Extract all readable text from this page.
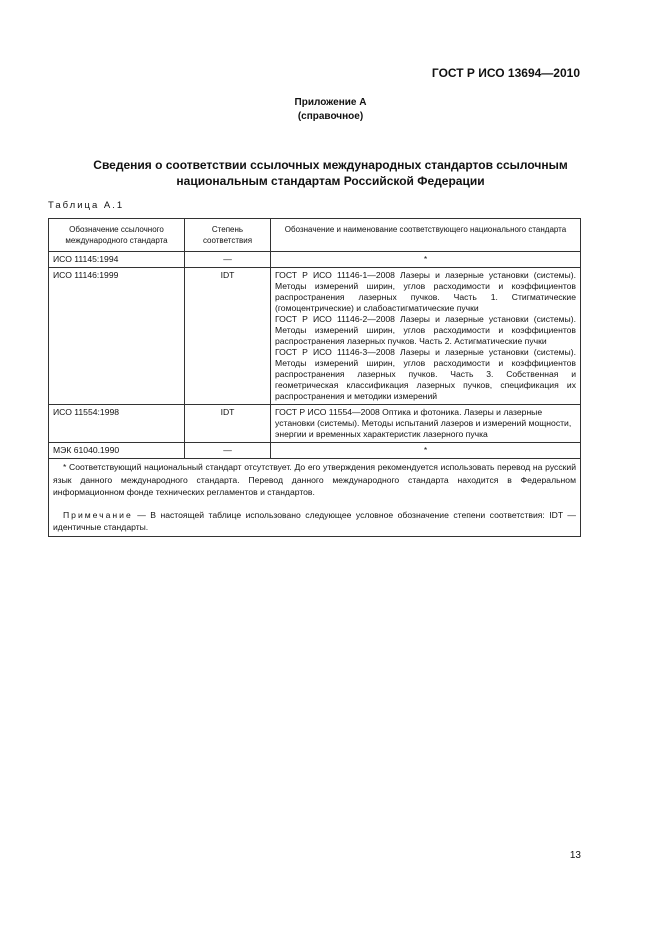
ГОСТ Р ИСО 13694—2010
Приложение А
(справочное)
Сведения о соответствии ссылочных международных стандартов ссылочным
национальным стандартам Российской Федерации
Таблица А.1
Обозначение ссылочного международного стандарта	Степень соответствия	Обозначение и наименование соответствующего национального стандарта
ИСО 11145:1994	—	*
ИСО 11146:1999	IDT	ГОСТ Р ИСО 11146-1—2008 Лазеры и лазерные установки (системы). Методы измерений ширин, углов расходимости и коэффициентов распространения лазерных пучков. Часть 1. Стигматические (гомоцентрические) и слабоастигматические пучки
ГОСТ Р ИСО 11146-2—2008 Лазеры и лазерные установки (системы). Методы измерений ширин, углов расходимости и коэффициентов распространения лазерных пучков. Часть 2. Астигматические пучки
ГОСТ Р ИСО 11146-3—2008 Лазеры и лазерные установки (системы). Методы измерений ширин, углов расходимости и коэффициентов распространения лазерных пучков. Часть 3. Собственная и геометрическая классификация лазерных пучков, спецификация их распространения и методики измерений

ИСО 11554:1998	IDT	ГОСТ Р ИСО 11554—2008 Оптика и фотоника. Лазеры и лазерные установки (системы). Методы испытаний лазеров и измерений мощности, энергии и временных характеристик лазерного пучка

МЭК 61040.1990	—	*

* Соответствующий национальный стандарт отсутствует. До его утверждения рекомендуется использовать перевод на русский язык данного международного стандарта. Перевод данного международного стандарта находится в Федеральном информационном фонде технических регламентов и стандартов.
Примечание — В настоящей таблице использовано следующее условное обозначение степени соответствия: IDT — идентичные стандарты.		
13
